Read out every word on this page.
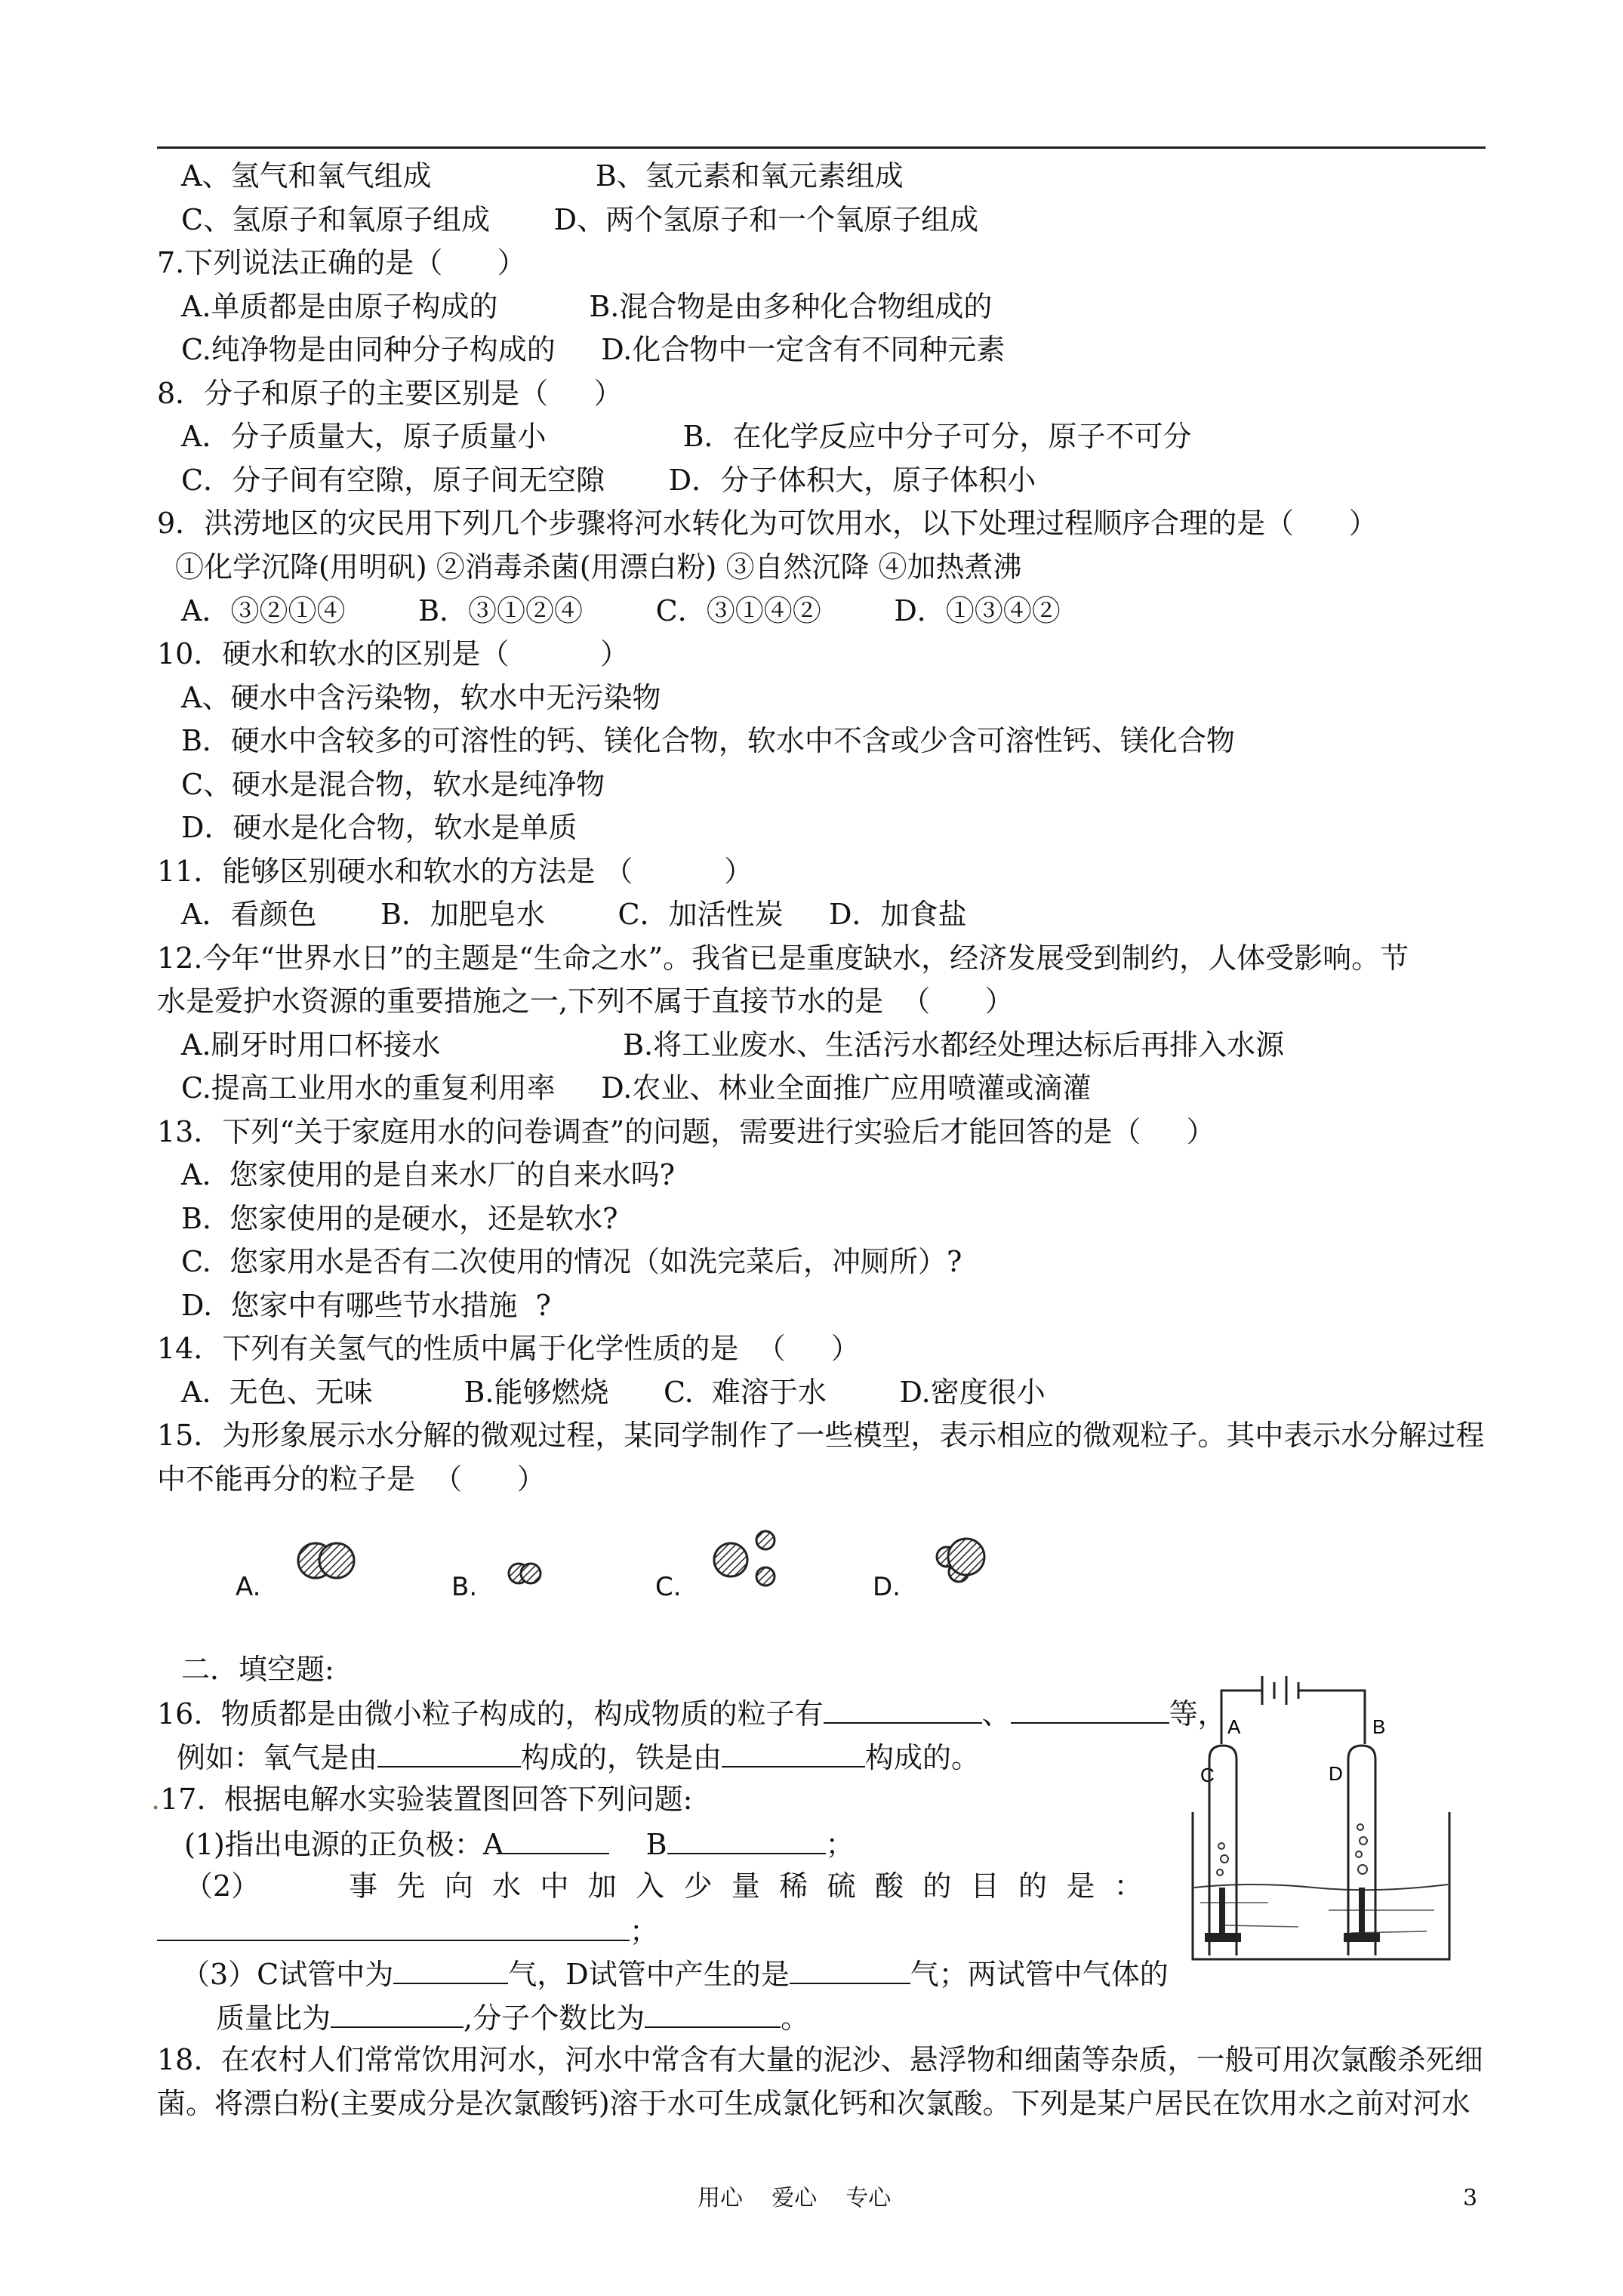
A、氢气和氧气组成                  B、氢元素和氧元素组成
C、氢原子和氧原子组成       D、两个氢原子和一个氧原子组成
7.下列说法正确的是（      ）
A.单质都是由原子构成的          B.混合物是由多种化合物组成的
C.纯净物是由同种分子构成的     D.化合物中一定含有不同种元素
8．分子和原子的主要区别是（     ）
A．分子质量大，原子质量小               B．在化学反应中分子可分，原子不可分
C．分子间有空隙，原子间无空隙       D．分子体积大，原子体积小
9．洪涝地区的灾民用下列几个步骤将河水转化为可饮用水，以下处理过程顺序合理的是（      ）
①化学沉降(用明矾) ②消毒杀菌(用漂白粉) ③自然沉降 ④加热煮沸
A．③②①④        B．③①②④        C．③①④②        D．①③④②
10．硬水和软水的区别是（          ）
A、硬水中含污染物，软水中无污染物
B．硬水中含较多的可溶性的钙、镁化合物，软水中不含或少含可溶性钙、镁化合物
C、硬水是混合物，软水是纯净物
D．硬水是化合物，软水是单质
11．能够区别硬水和软水的方法是 （          ）
A．看颜色       B．加肥皂水        C．加活性炭     D．加食盐
12.今年“世界水日”的主题是“生命之水”。我省已是重度缺水，经济发展受到制约，人体受影响。节
水是爱护水资源的重要措施之一,下列不属于直接节水的是  （      ）
A.刷牙时用口杯接水                    B.将工业废水、生活污水都经处理达标后再排入水源
C.提高工业用水的重复利用率     D.农业、林业全面推广应用喷灌或滴灌
13．下列“关于家庭用水的问卷调查”的问题，需要进行实验后才能回答的是（     ）
A.  您家使用的是自来水厂的自来水吗?
B.  您家使用的是硬水，还是软水?
C.  您家用水是否有二次使用的情况（如洗完菜后，冲厕所）?
D.  您家中有哪些节水措施  ?
14．下列有关氢气的性质中属于化学性质的是  （     ）
A.  无色、无味          B.能够燃烧      C.  难溶于水        D.密度很小
15．为形象展示水分解的微观过程，某同学制作了一些模型，表示相应的微观粒子。其中表示水分解过程
中不能再分的粒子是  （      ）
A.	B.	C.	D.
二．填空题:
16.  物质都是由微小粒子构成的，构成物质的粒子有	、	等，
例如：氧气是由	构成的，铁是由	构成的。
.17.  根据电解水实验装置图回答下列问题:
(1)指出电源的正负极：A	B	；
（2）	事 先 向 水 中 加 入 少 量 稀 硫 酸 的 目 的 是 ：
；
（3）C试管中为	气，D试管中产生的是	气；两试管中气体的
质量比为	,分子个数比为	。
A	B
C	D
18.  在农村人们常常饮用河水，河水中常含有大量的泥沙、悬浮物和细菌等杂质，一般可用次氯酸杀死细
菌。将漂白粉(主要成分是次氯酸钙)溶于水可生成氯化钙和次氯酸。下列是某户居民在饮用水之前对河水
用心    爱心    专心	3
